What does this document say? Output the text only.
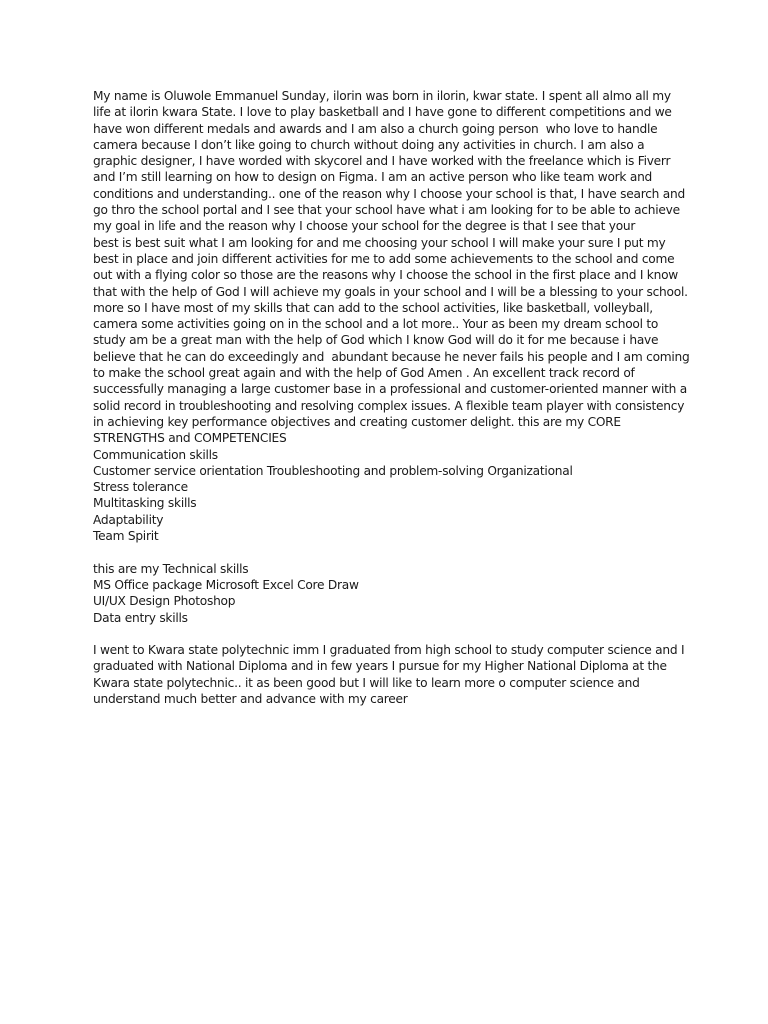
My name is Oluwole Emmanuel Sunday, ilorin was born in ilorin, kwar state. I spent all almo all my
life at ilorin kwara State. I love to play basketball and I have gone to different competitions and we
have won different medals and awards and I am also a church going person  who love to handle
camera because I don’t like going to church without doing any activities in church. I am also a
graphic designer, I have worded with skycorel and I have worked with the freelance which is Fiverr
and I’m still learning on how to design on Figma. I am an active person who like team work and
conditions and understanding.. one of the reason why I choose your school is that, I have search and
go thro the school portal and I see that your school have what i am looking for to be able to achieve
my goal in life and the reason why I choose your school for the degree is that I see that your
best is best suit what I am looking for and me choosing your school I will make your sure I put my
best in place and join different activities for me to add some achievements to the school and come
out with a flying color so those are the reasons why I choose the school in the first place and I know
that with the help of God I will achieve my goals in your school and I will be a blessing to your school.
more so I have most of my skills that can add to the school activities, like basketball, volleyball,
camera some activities going on in the school and a lot more.. Your as been my dream school to
study am be a great man with the help of God which I know God will do it for me because i have
believe that he can do exceedingly and  abundant because he never fails his people and I am coming
to make the school great again and with the help of God Amen . An excellent track record of
successfully managing a large customer base in a professional and customer-oriented manner with a
solid record in troubleshooting and resolving complex issues. A flexible team player with consistency
in achieving key performance objectives and creating customer delight. this are my CORE
STRENGTHS and COMPETENCIES
Communication skills
Customer service orientation Troubleshooting and problem-solving Organizational
Stress tolerance
Multitasking skills
Adaptability
Team Spirit
this are my Technical skills
MS Office package Microsoft Excel Core Draw
UI/UX Design Photoshop
Data entry skills
I went to Kwara state polytechnic imm I graduated from high school to study computer science and I
graduated with National Diploma and in few years I pursue for my Higher National Diploma at the
Kwara state polytechnic.. it as been good but I will like to learn more o computer science and
understand much better and advance with my career
